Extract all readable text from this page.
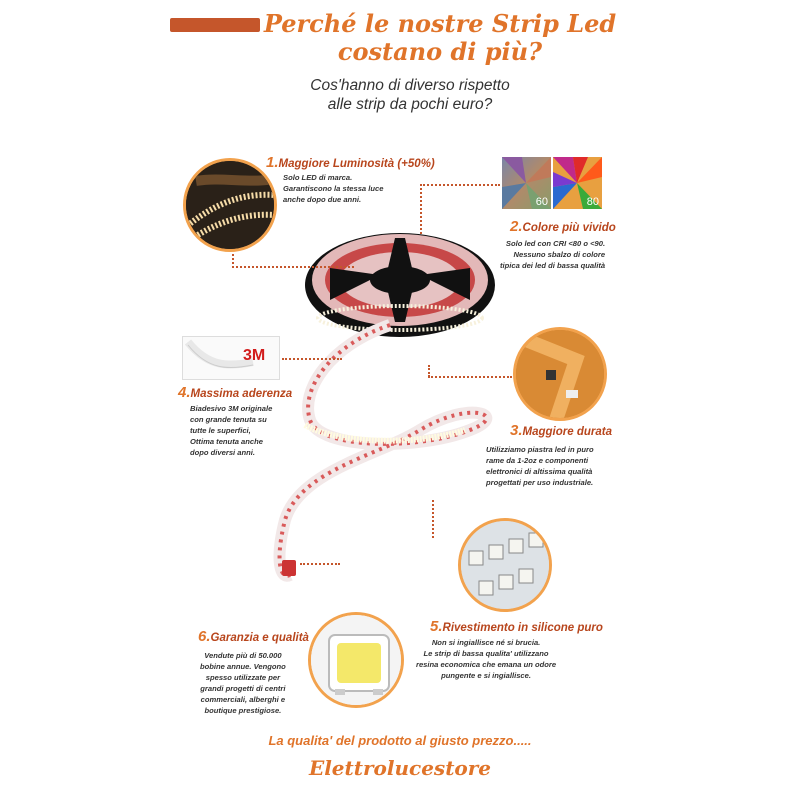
Perché le nostre Strip Led
costano di più?
Cos'hanno di diverso rispetto
alle strip da pochi euro?
1.Maggiore Luminosità (+50%)
Solo LED di marca.
Garantiscono la stessa luce
anche dopo due anni.	60	80
2.Colore più vivido
Solo led con CRI <80 o <90.
Nessuno sbalzo di colore
tipica dei led di bassa qualità
3M
4.Massima aderenza
Biadesivo 3M originale
con grande tenuta su
tutte le superfici,
Ottima tenuta anche
dopo diversi anni.
3.Maggiore durata
Utilizziamo piastra led in puro
rame da 1-2oz e componenti
elettronici di altissima qualità
progettati per uso industriale.
5.Rivestimento in silicone puro
Non si ingiallisce né si brucia.
Le strip di bassa qualita' utilizzano
resina economica che emana un odore
pungente e si ingiallisce.
6.Garanzia e qualità
Vendute più di 50.000
bobine annue. Vengono
spesso utilizzate per
grandi progetti di centri
commerciali, alberghi e
boutique prestigiose.
La qualita' del prodotto al giusto prezzo.....
Elettrolucestore
